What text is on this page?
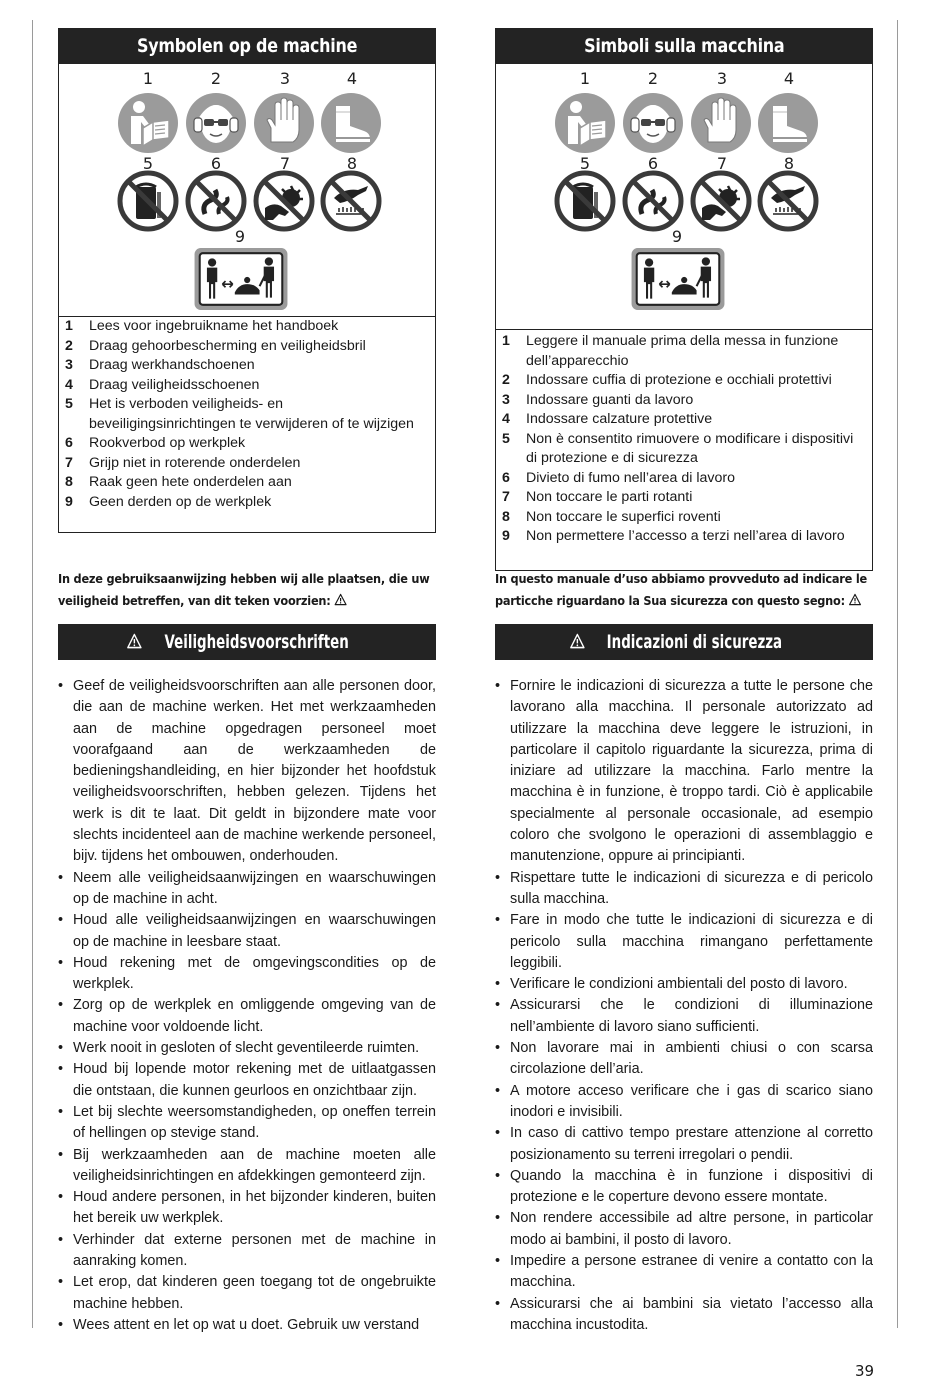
Symbolen op de machine
1	2	3	4
5	6	7	8
9
1	Lees voor ingebruikname het handboek
2	Draag gehoorbescherming en veiligheidsbril
3	Draag werkhandschoenen
4	Draag veiligheidsschoenen
5	Het is verboden veiligheids- en beveiligingsinrichtingen te verwijderen of te wijzigen
6	Rookverbod op werkplek
7	Grijp niet in roterende onderdelen
8	Raak geen hete onderdelen aan
9	Geen derden op de werkplek
In deze gebruiksaanwijzing hebben wij alle plaatsen, die uw veiligheid betreffen, van dit teken voorzien:
Veiligheidsvoorschriften
• Geef de veiligheidsvoorschriften aan alle personen door, die aan de machine werken. Het met werkzaamheden aan de machine opgedragen personeel moet voorafgaand aan de werkzaamheden de bedieningshandleiding, en hier bijzonder het hoofdstuk veiligheidsvoorschriften, hebben gelezen. Tijdens het werk is dit te laat. Dit geldt in bijzondere mate voor slechts incidenteel aan de machine werkende personeel, bijv. tijdens het ombouwen, onderhouden.
• Neem alle veiligheidsaanwijzingen en waarschuwingen op de machine in acht.
• Houd alle veiligheidsaanwijzingen en waarschuwingen op de machine in leesbare staat.
• Houd rekening met de omgevingscondities op de werkplek.
• Zorg op de werkplek en omliggende omgeving van de machine voor voldoende licht.
• Werk nooit in gesloten of slecht geventileerde ruimten.
• Houd bij lopende motor rekening met de uitlaatgassen die ontstaan, die kunnen geurloos en onzichtbaar zijn.
• Let bij slechte weersomstandigheden, op oneffen terrein of hellingen op stevige stand.
• Bij werkzaamheden aan de machine moeten alle veiligheidsinrichtingen en afdekkingen gemonteerd zijn.
• Houd andere personen, in het bijzonder kinderen, buiten het bereik uw werkplek.
• Verhinder dat externe personen met de machine in aanraking komen.
• Let erop, dat kinderen geen toegang tot de ongebruikte machine hebben.
• Wees attent en let op wat u doet. Gebruik uw verstand
Simboli sulla macchina
1	2	3	4
5	6	7	8
9
1	Leggere il manuale prima della messa in funzione dell’apparecchio
2	Indossare cuffia di protezione e occhiali protettivi
3	Indossare guanti da lavoro
4	Indossare calzature protettive
5	Non è consentito rimuovere o modificare i dispositivi di protezione e di sicurezza
6	Divieto di fumo nell’area di lavoro
7	Non toccare le parti rotanti
8	Non toccare le superfici roventi
9	Non permettere l’accesso a terzi nell’area di lavoro
In questo manuale d’uso abbiamo provveduto ad indicare le particche riguardano la Sua sicurezza con questo segno:
Indicazioni di sicurezza
• Fornire le indicazioni di sicurezza a tutte le persone che lavorano alla macchina. Il personale autorizzato ad utilizzare la macchina deve leggere le istruzioni, in particolare il capitolo riguardante la sicurezza, prima di iniziare ad utilizzare la macchina. Farlo mentre la macchina è in funzione, è troppo tardi. Ciò è applicabile specialmente al personale occasionale, ad esempio coloro che svolgono le operazioni di assemblaggio e manutenzione, oppure ai principianti.
• Rispettare tutte le indicazioni di sicurezza e di pericolo sulla macchina.
• Fare in modo che tutte le indicazioni di sicurezza e di pericolo sulla macchina rimangano perfettamente leggibili.
• Verificare le condizioni ambientali del posto di lavoro.
• Assicurarsi che le condizioni di illuminazione nell’ambiente di lavoro siano sufficienti.
• Non lavorare mai in ambienti chiusi o con scarsa circolazione dell’aria.
• A motore acceso verificare che i gas di scarico siano inodori e invisibili.
• In caso di cattivo tempo prestare attenzione al corretto posizionamento su terreni irregolari o pendii.
• Quando la macchina è in funzione i dispositivi di protezione e le coperture devono essere montate.
• Non rendere accessibile ad altre persone, in particolar modo ai bambini, il posto di lavoro.
• Impedire a persone estranee di venire a contatto con la macchina.
• Assicurarsi che ai bambini sia vietato l’accesso alla macchina incustodita.
39
